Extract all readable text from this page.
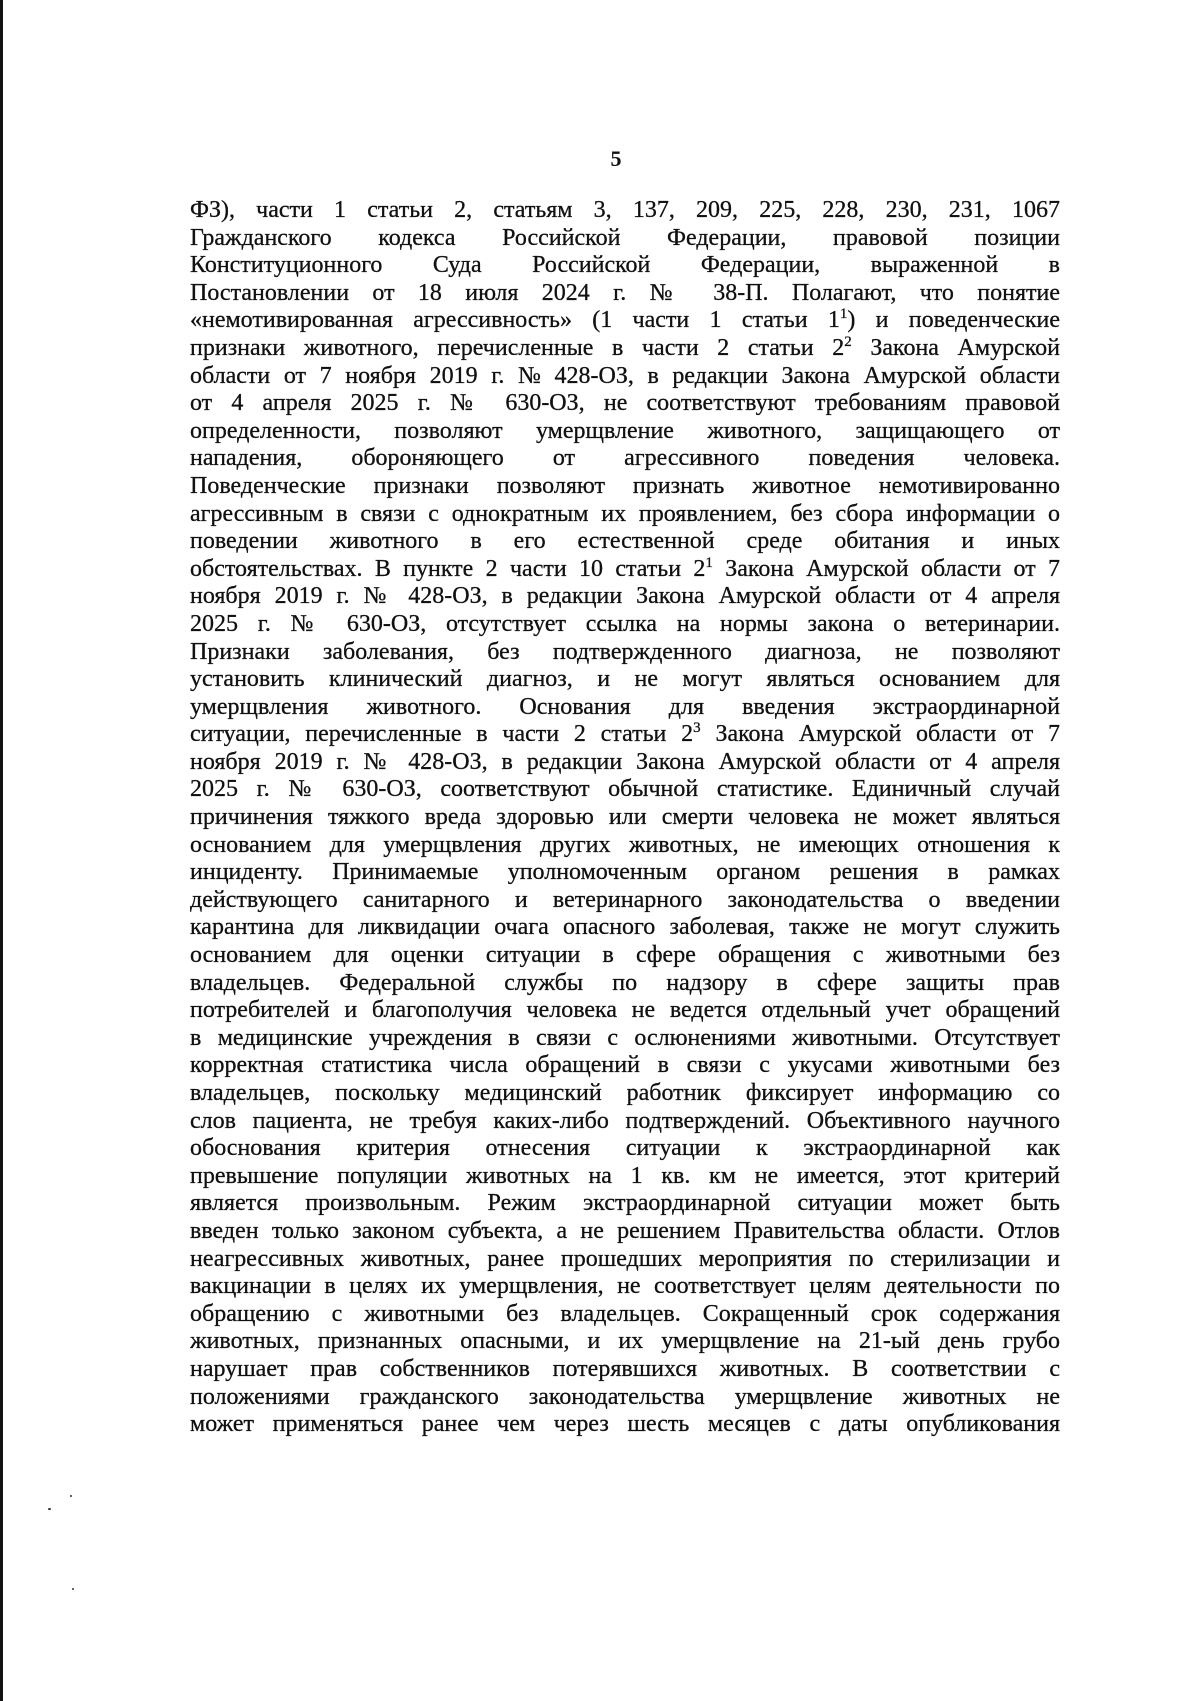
5
ФЗ), части 1 статьи 2, статьям 3, 137, 209, 225, 228, 230, 231, 1067
Гражданского кодекса Российской Федерации, правовой позиции
Конституционного Суда Российской Федерации, выраженной в
Постановлении от 18 июля 2024 г. № 38-П. Полагают, что понятие
«немотивированная агрессивность» (1 части 1 статьи $1^1$) и поведенческие
признаки животного, перечисленные в части 2 статьи $2^2$ Закона Амурской
области от 7 ноября 2019 г. № 428-ОЗ, в редакции Закона Амурской области
от 4 апреля 2025 г. № 630-ОЗ, не соответствуют требованиям правовой
определенности, позволяют умерщвление животного, защищающего от
нападения, обороняющего от агрессивного поведения человека.
Поведенческие признаки позволяют признать животное немотивированно
агрессивным в связи с однократным их проявлением, без сбора информации о
поведении животного в его естественной среде обитания и иных
обстоятельствах. В пункте 2 части 10 статьи $2^1$ Закона Амурской области от 7
ноября 2019 г. № 428-ОЗ, в редакции Закона Амурской области от 4 апреля
2025 г. № 630-ОЗ, отсутствует ссылка на нормы закона о ветеринарии.
Признаки заболевания, без подтвержденного диагноза, не позволяют
установить клинический диагноз, и не могут являться основанием для
умерщвления животного. Основания для введения экстраординарной
ситуации, перечисленные в части 2 статьи $2^3$ Закона Амурской области от 7
ноября 2019 г. № 428-ОЗ, в редакции Закона Амурской области от 4 апреля
2025 г. № 630-ОЗ, соответствуют обычной статистике. Единичный случай
причинения тяжкого вреда здоровью или смерти человека не может являться
основанием для умерщвления других животных, не имеющих отношения к
инциденту. Принимаемые уполномоченным органом решения в рамках
действующего санитарного и ветеринарного законодательства о введении
карантина для ликвидации очага опасного заболевая, также не могут служить
основанием для оценки ситуации в сфере обращения с животными без
владельцев. Федеральной службы по надзору в сфере защиты прав
потребителей и благополучия человека не ведется отдельный учет обращений
в медицинские учреждения в связи с ослюнениями животными. Отсутствует
корректная статистика числа обращений в связи с укусами животными без
владельцев, поскольку медицинский работник фиксирует информацию со
слов пациента, не требуя каких-либо подтверждений. Объективного научного
обоснования критерия отнесения ситуации к экстраординарной как
превышение популяции животных на 1 кв. км не имеется, этот критерий
является произвольным. Режим экстраординарной ситуации может быть
введен только законом субъекта, а не решением Правительства области. Отлов
неагрессивных животных, ранее прошедших мероприятия по стерилизации и
вакцинации в целях их умерщвления, не соответствует целям деятельности по
обращению с животными без владельцев. Сокращенный срок содержания
животных, признанных опасными, и их умерщвление на 21-ый день грубо
нарушает прав собственников потерявшихся животных. В соответствии с
положениями гражданского законодательства умерщвление животных не
может применяться ранее чем через шесть месяцев с даты опубликования
